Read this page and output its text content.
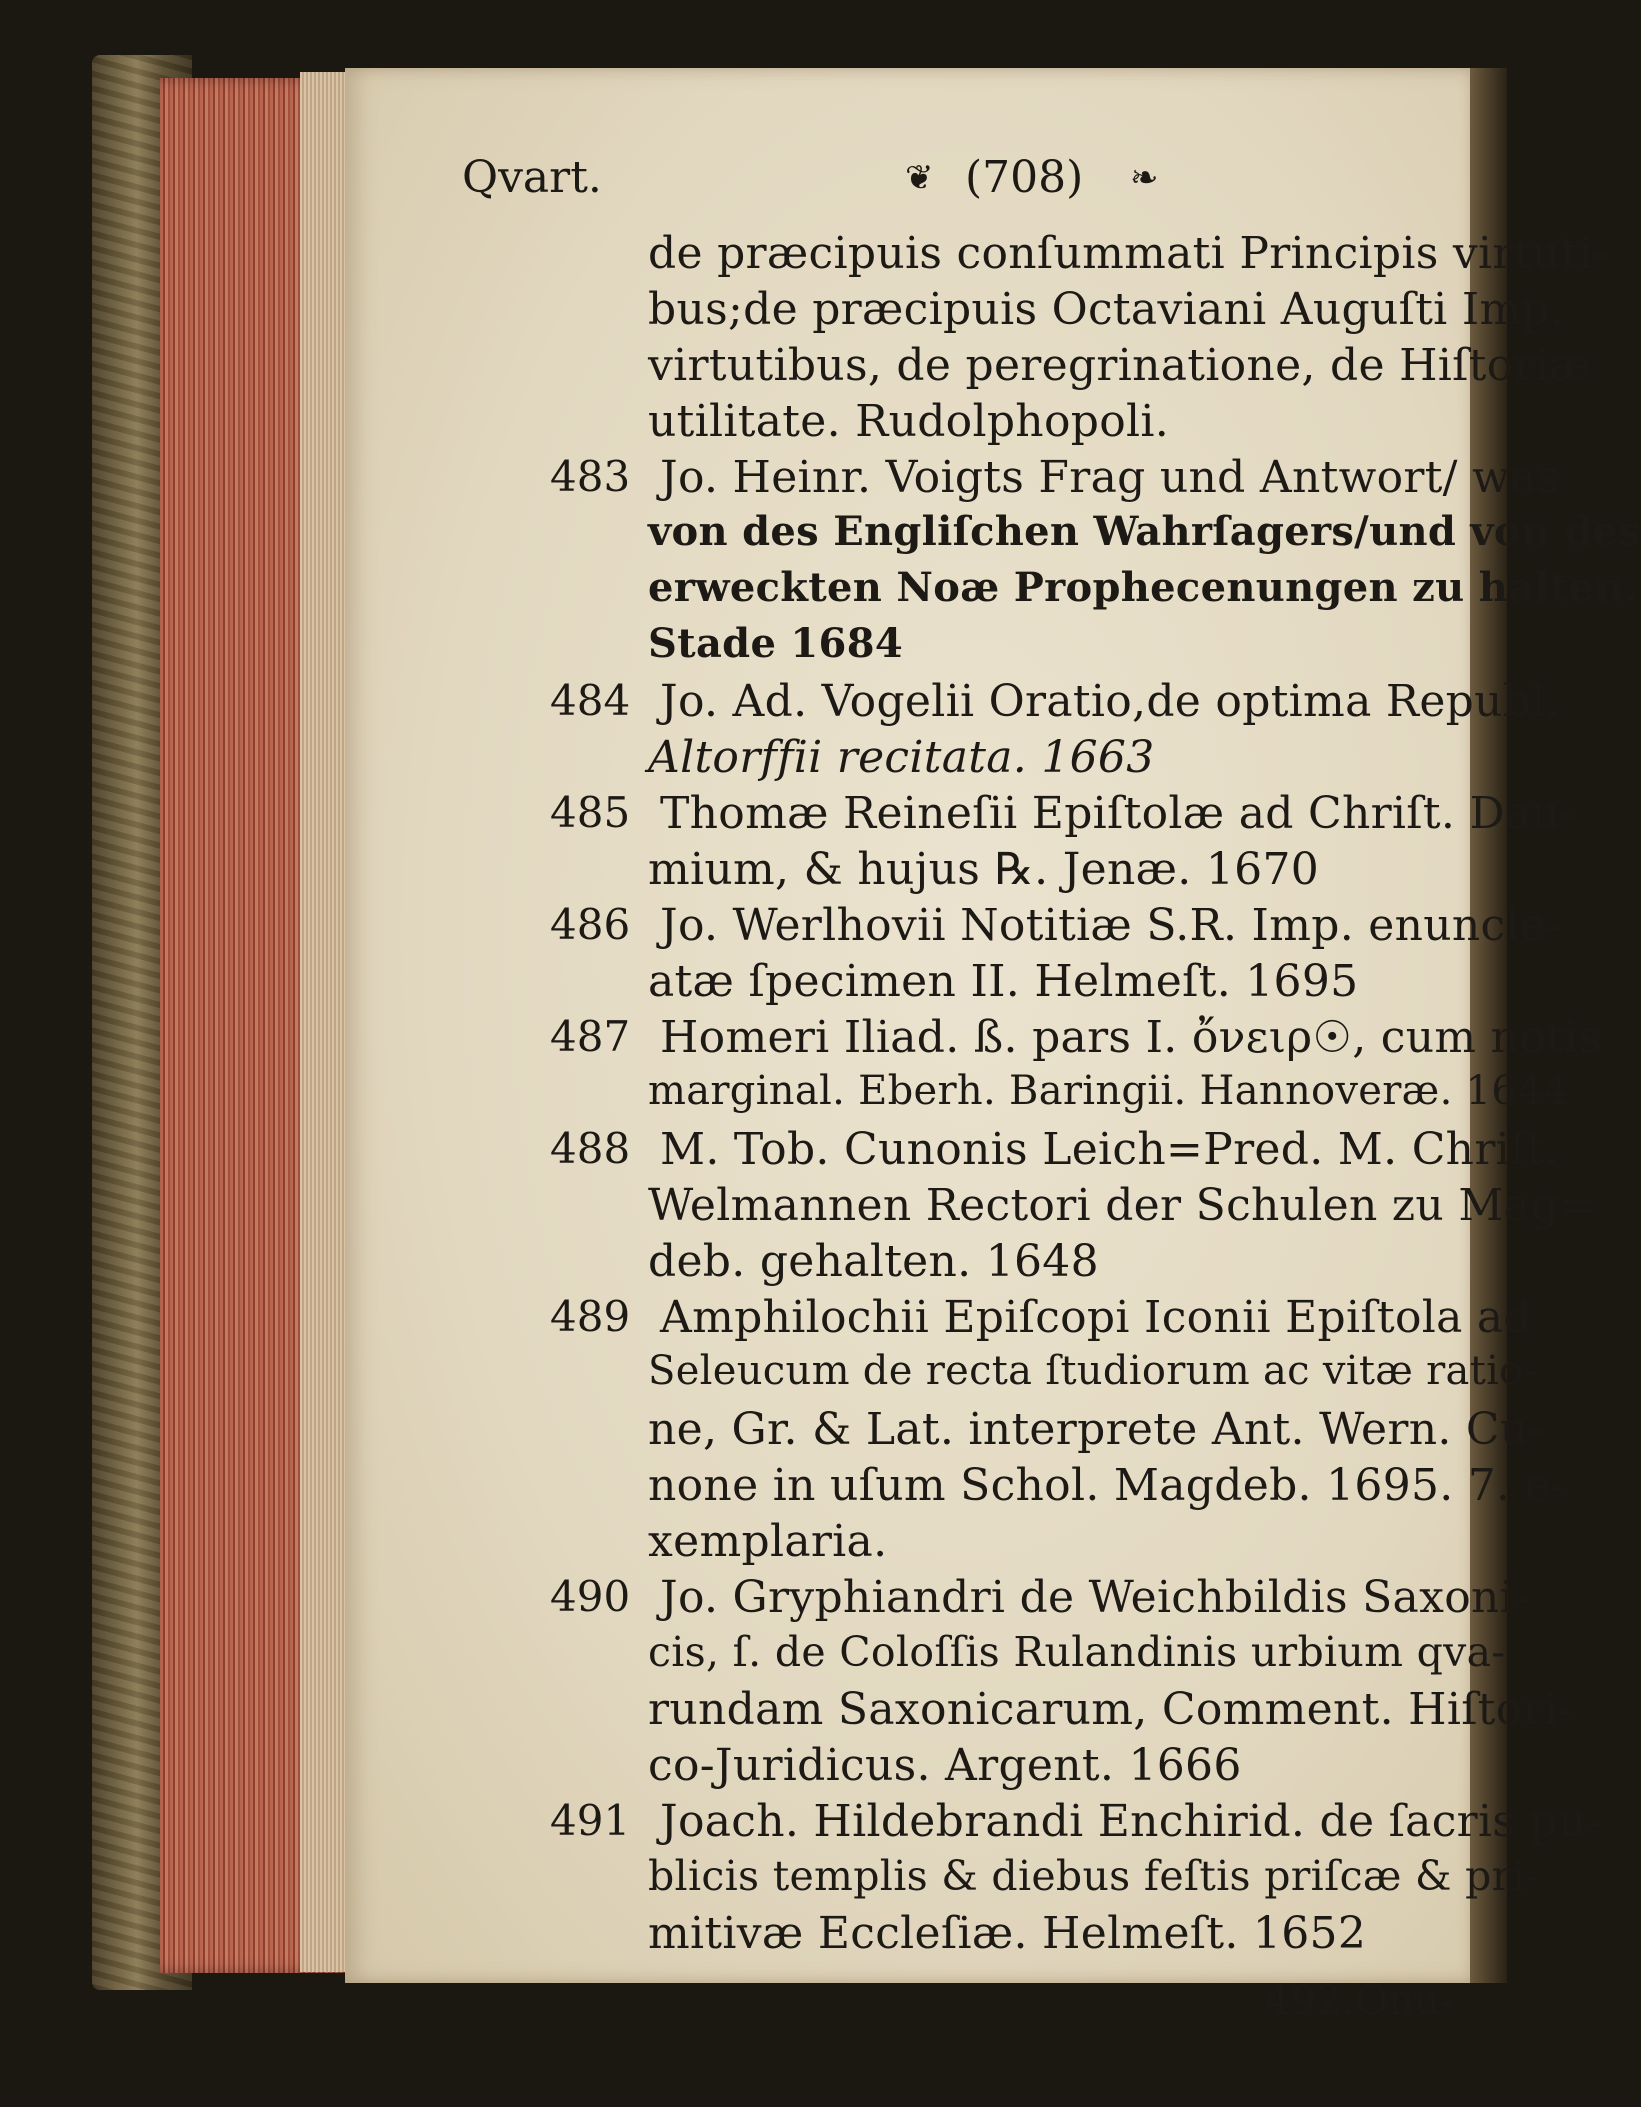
Qvart.	❦ (708) ❧
de præcipuis conſummati Principis virtuti-
bus;de præcipuis Octaviani Auguſti Imp.
virtutibus, de peregrinatione, de Hiſtoriæ
utilitate. Rudolphopoli.
483 Jo. Heinr. Voigts Frag und Antwort/ was
von des Engliſchen Wahrſagers/und von des
erweckten Noæ Prophecenungen zu halten.
Stade 1684
484 Jo. Ad. Vogelii Oratio,de optima Republ.
Altorffii recitata. 1663
485 Thomæ Reineſii Epiſtolæ ad Chriſt. Dau-
mium, & hujus ℞. Jenæ. 1670
486 Jo. Werlhovii Notitiæ S.R. Imp. enuncle-
atæ ſpecimen II. Helmeſt. 1695
487 Homeri Iliad. ß. pars I. ὄνειρ☉, cum notis
marginal. Eberh. Baringii. Hannoveræ. 1644
488 M. Tob. Cunonis Leich=Pred. M. Chriſt.
Welmannen Rectori der Schulen zu Mag=
deb. gehalten. 1648
489 Amphilochii Epiſcopi Iconii Epiſtola ad
Seleucum de recta ſtudiorum ac vitæ ratio-
ne, Gr. & Lat. interprete Ant. Wern. Cu-
none in uſum Schol. Magdeb. 1695. 7. e-
xemplaria.
490 Jo. Gryphiandri de Weichbildis Saxoni-
cis, ſ. de Coloſſis Rulandinis urbium qva-
rundam Saxonicarum, Comment. Hiſtori-
co-Juridicus. Argent. 1666
491 Joach. Hildebrandi Enchirid. de ſacris pu-
blicis templis & diebus feſtis priſcæ & pri-
mitivæ Eccleſiæ. Helmeſt. 1652
492.Onu-
